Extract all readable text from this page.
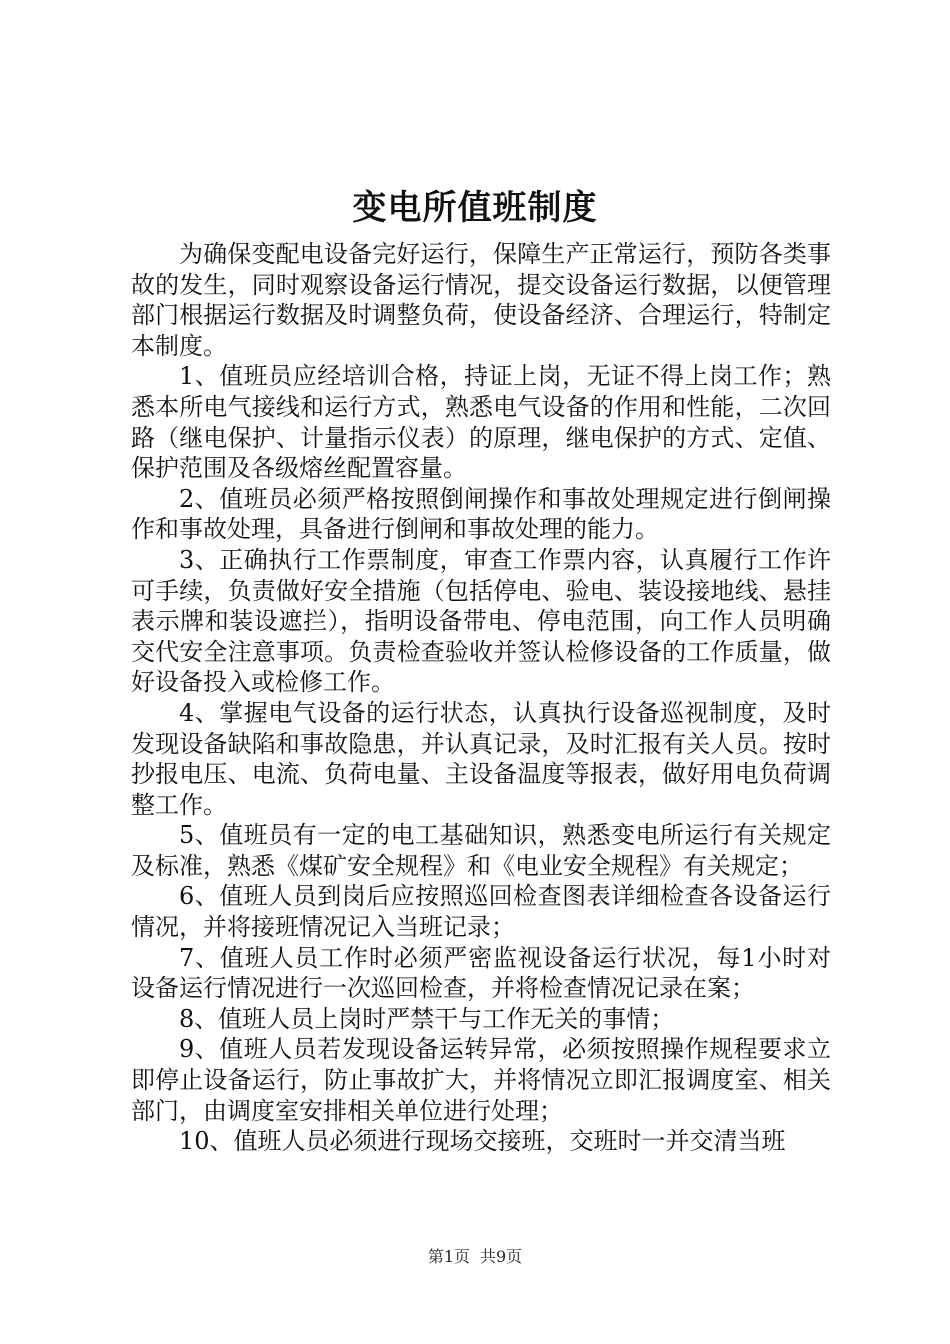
变电所值班制度

为确保变配电设备完好运行，保障生产正常运行，预防各类事故的发生，同时观察设备运行情况，提交设备运行数据，以便管理部门根据运行数据及时调整负荷，使设备经济、合理运行，特制定本制度。

1、值班员应经培训合格，持证上岗，无证不得上岗工作；熟悉本所电气接线和运行方式，熟悉电气设备的作用和性能，二次回路（继电保护、计量指示仪表）的原理，继电保护的方式、定值、保护范围及各级熔丝配置容量。

2、值班员必须严格按照倒闸操作和事故处理规定进行倒闸操作和事故处理，具备进行倒闸和事故处理的能力。

3、正确执行工作票制度，审查工作票内容，认真履行工作许可手续，负责做好安全措施（包括停电、验电、装设接地线、悬挂表示牌和装设遮拦），指明设备带电、停电范围，向工作人员明确交代安全注意事项。负责检查验收并签认检修设备的工作质量，做好设备投入或检修工作。

4、掌握电气设备的运行状态，认真执行设备巡视制度，及时发现设备缺陷和事故隐患，并认真记录，及时汇报有关人员。按时抄报电压、电流、负荷电量、主设备温度等报表，做好用电负荷调整工作。

5、值班员有一定的电工基础知识，熟悉变电所运行有关规定及标准，熟悉《煤矿安全规程》和《电业安全规程》有关规定；

6、值班人员到岗后应按照巡回检查图表详细检查各设备运行情况，并将接班情况记入当班记录；

7、值班人员工作时必须严密监视设备运行状况，每1小时对设备运行情况进行一次巡回检查，并将检查情况记录在案；

8、值班人员上岗时严禁干与工作无关的事情；

9、值班人员若发现设备运转异常，必须按照操作规程要求立即停止设备运行，防止事故扩大，并将情况立即汇报调度室、相关部门，由调度室安排相关单位进行处理；

10、值班人员必须进行现场交接班，交班时一并交清当班

第1页 共9页
